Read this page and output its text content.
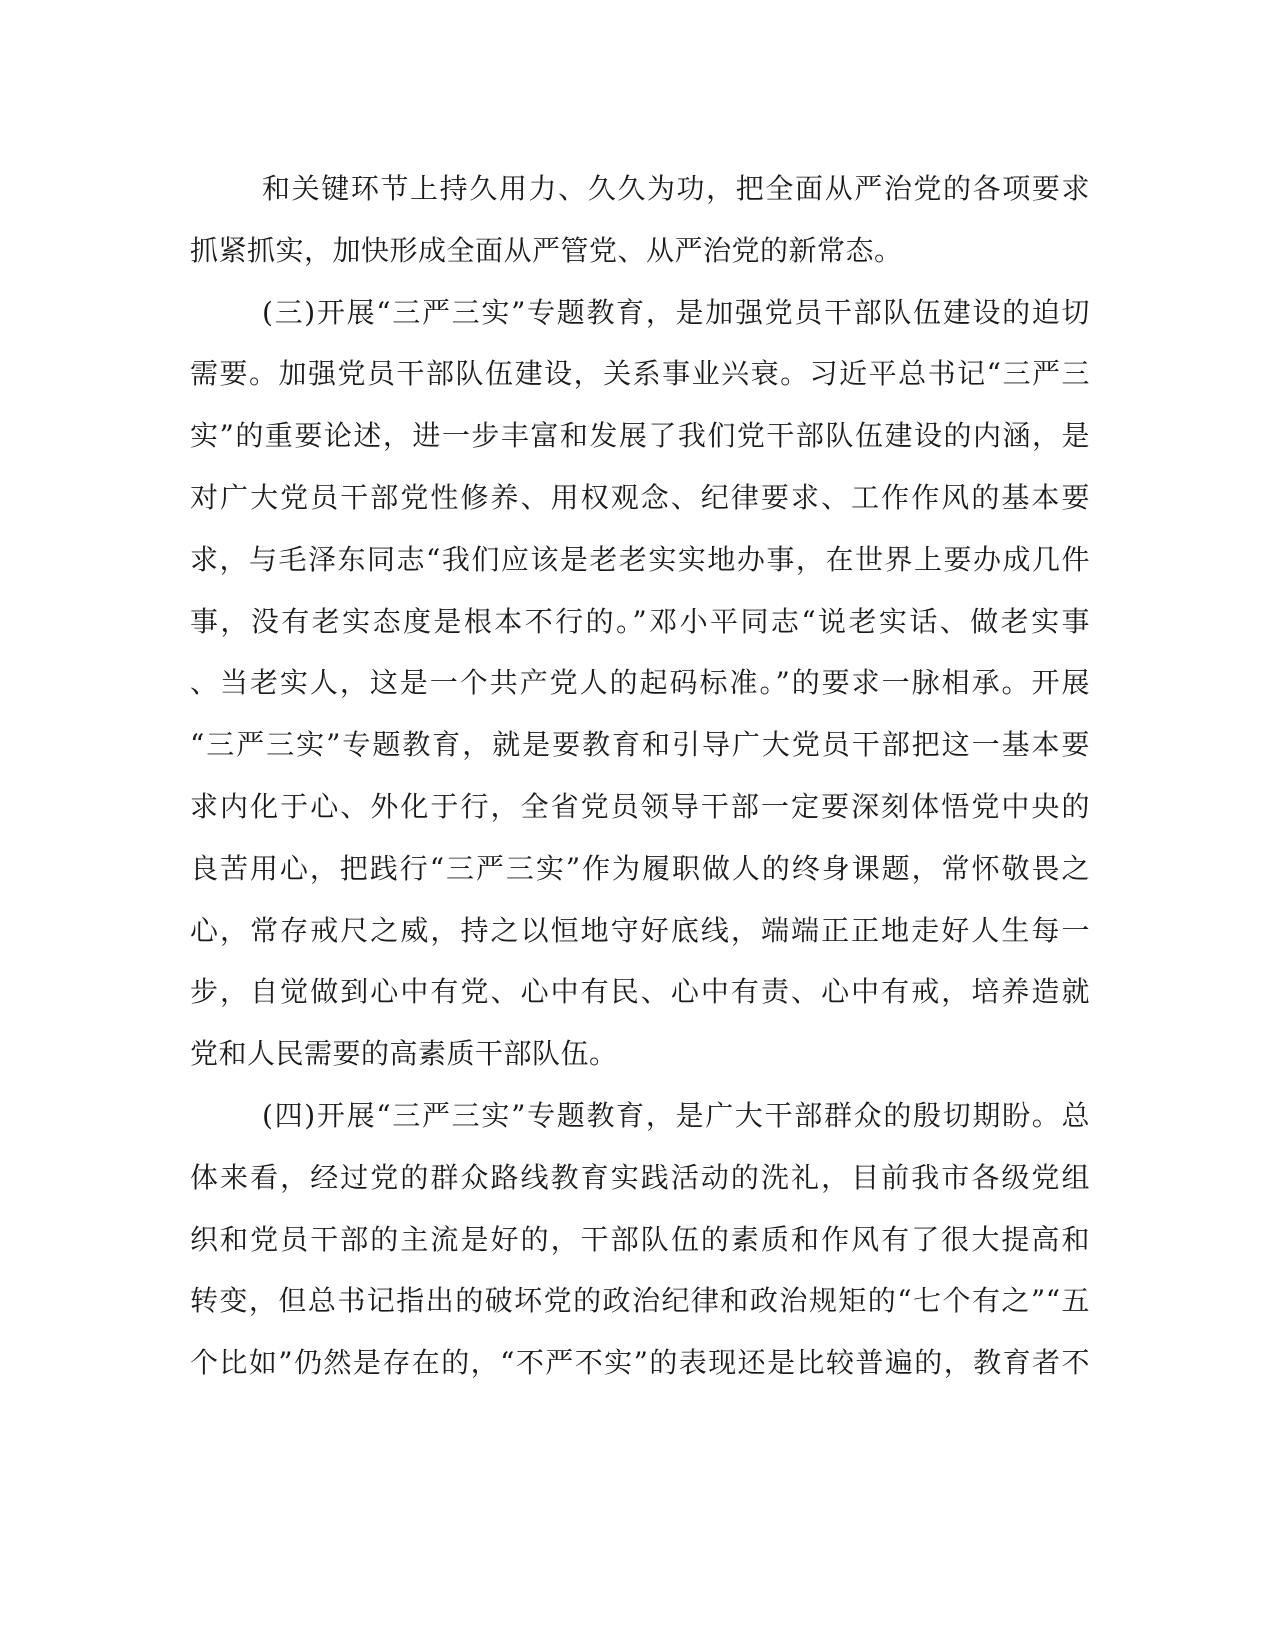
和关键环节上持久用力、久久为功，把全面从严治党的各项要求
抓紧抓实，加快形成全面从严管党、从严治党的新常态。
(三)开展“三严三实”专题教育，是加强党员干部队伍建设的迫切
需要。加强党员干部队伍建设，关系事业兴衰。习近平总书记“三严三
实”的重要论述，进一步丰富和发展了我们党干部队伍建设的内涵，是
对广大党员干部党性修养、用权观念、纪律要求、工作作风的基本要
求，与毛泽东同志“我们应该是老老实实地办事，在世界上要办成几件
事，没有老实态度是根本不行的。”邓小平同志“说老实话、做老实事
、当老实人，这是一个共产党人的起码标准。”的要求一脉相承。开展
“三严三实”专题教育，就是要教育和引导广大党员干部把这一基本要
求内化于心、外化于行，全省党员领导干部一定要深刻体悟党中央的
良苦用心，把践行“三严三实”作为履职做人的终身课题，常怀敬畏之
心，常存戒尺之威，持之以恒地守好底线，端端正正地走好人生每一
步，自觉做到心中有党、心中有民、心中有责、心中有戒，培养造就
党和人民需要的高素质干部队伍。
(四)开展“三严三实”专题教育，是广大干部群众的殷切期盼。总
体来看，经过党的群众路线教育实践活动的洗礼，目前我市各级党组
织和党员干部的主流是好的，干部队伍的素质和作风有了很大提高和
转变，但总书记指出的破坏党的政治纪律和政治规矩的“七个有之”“五
个比如”仍然是存在的，“不严不实”的表现还是比较普遍的，教育者不
